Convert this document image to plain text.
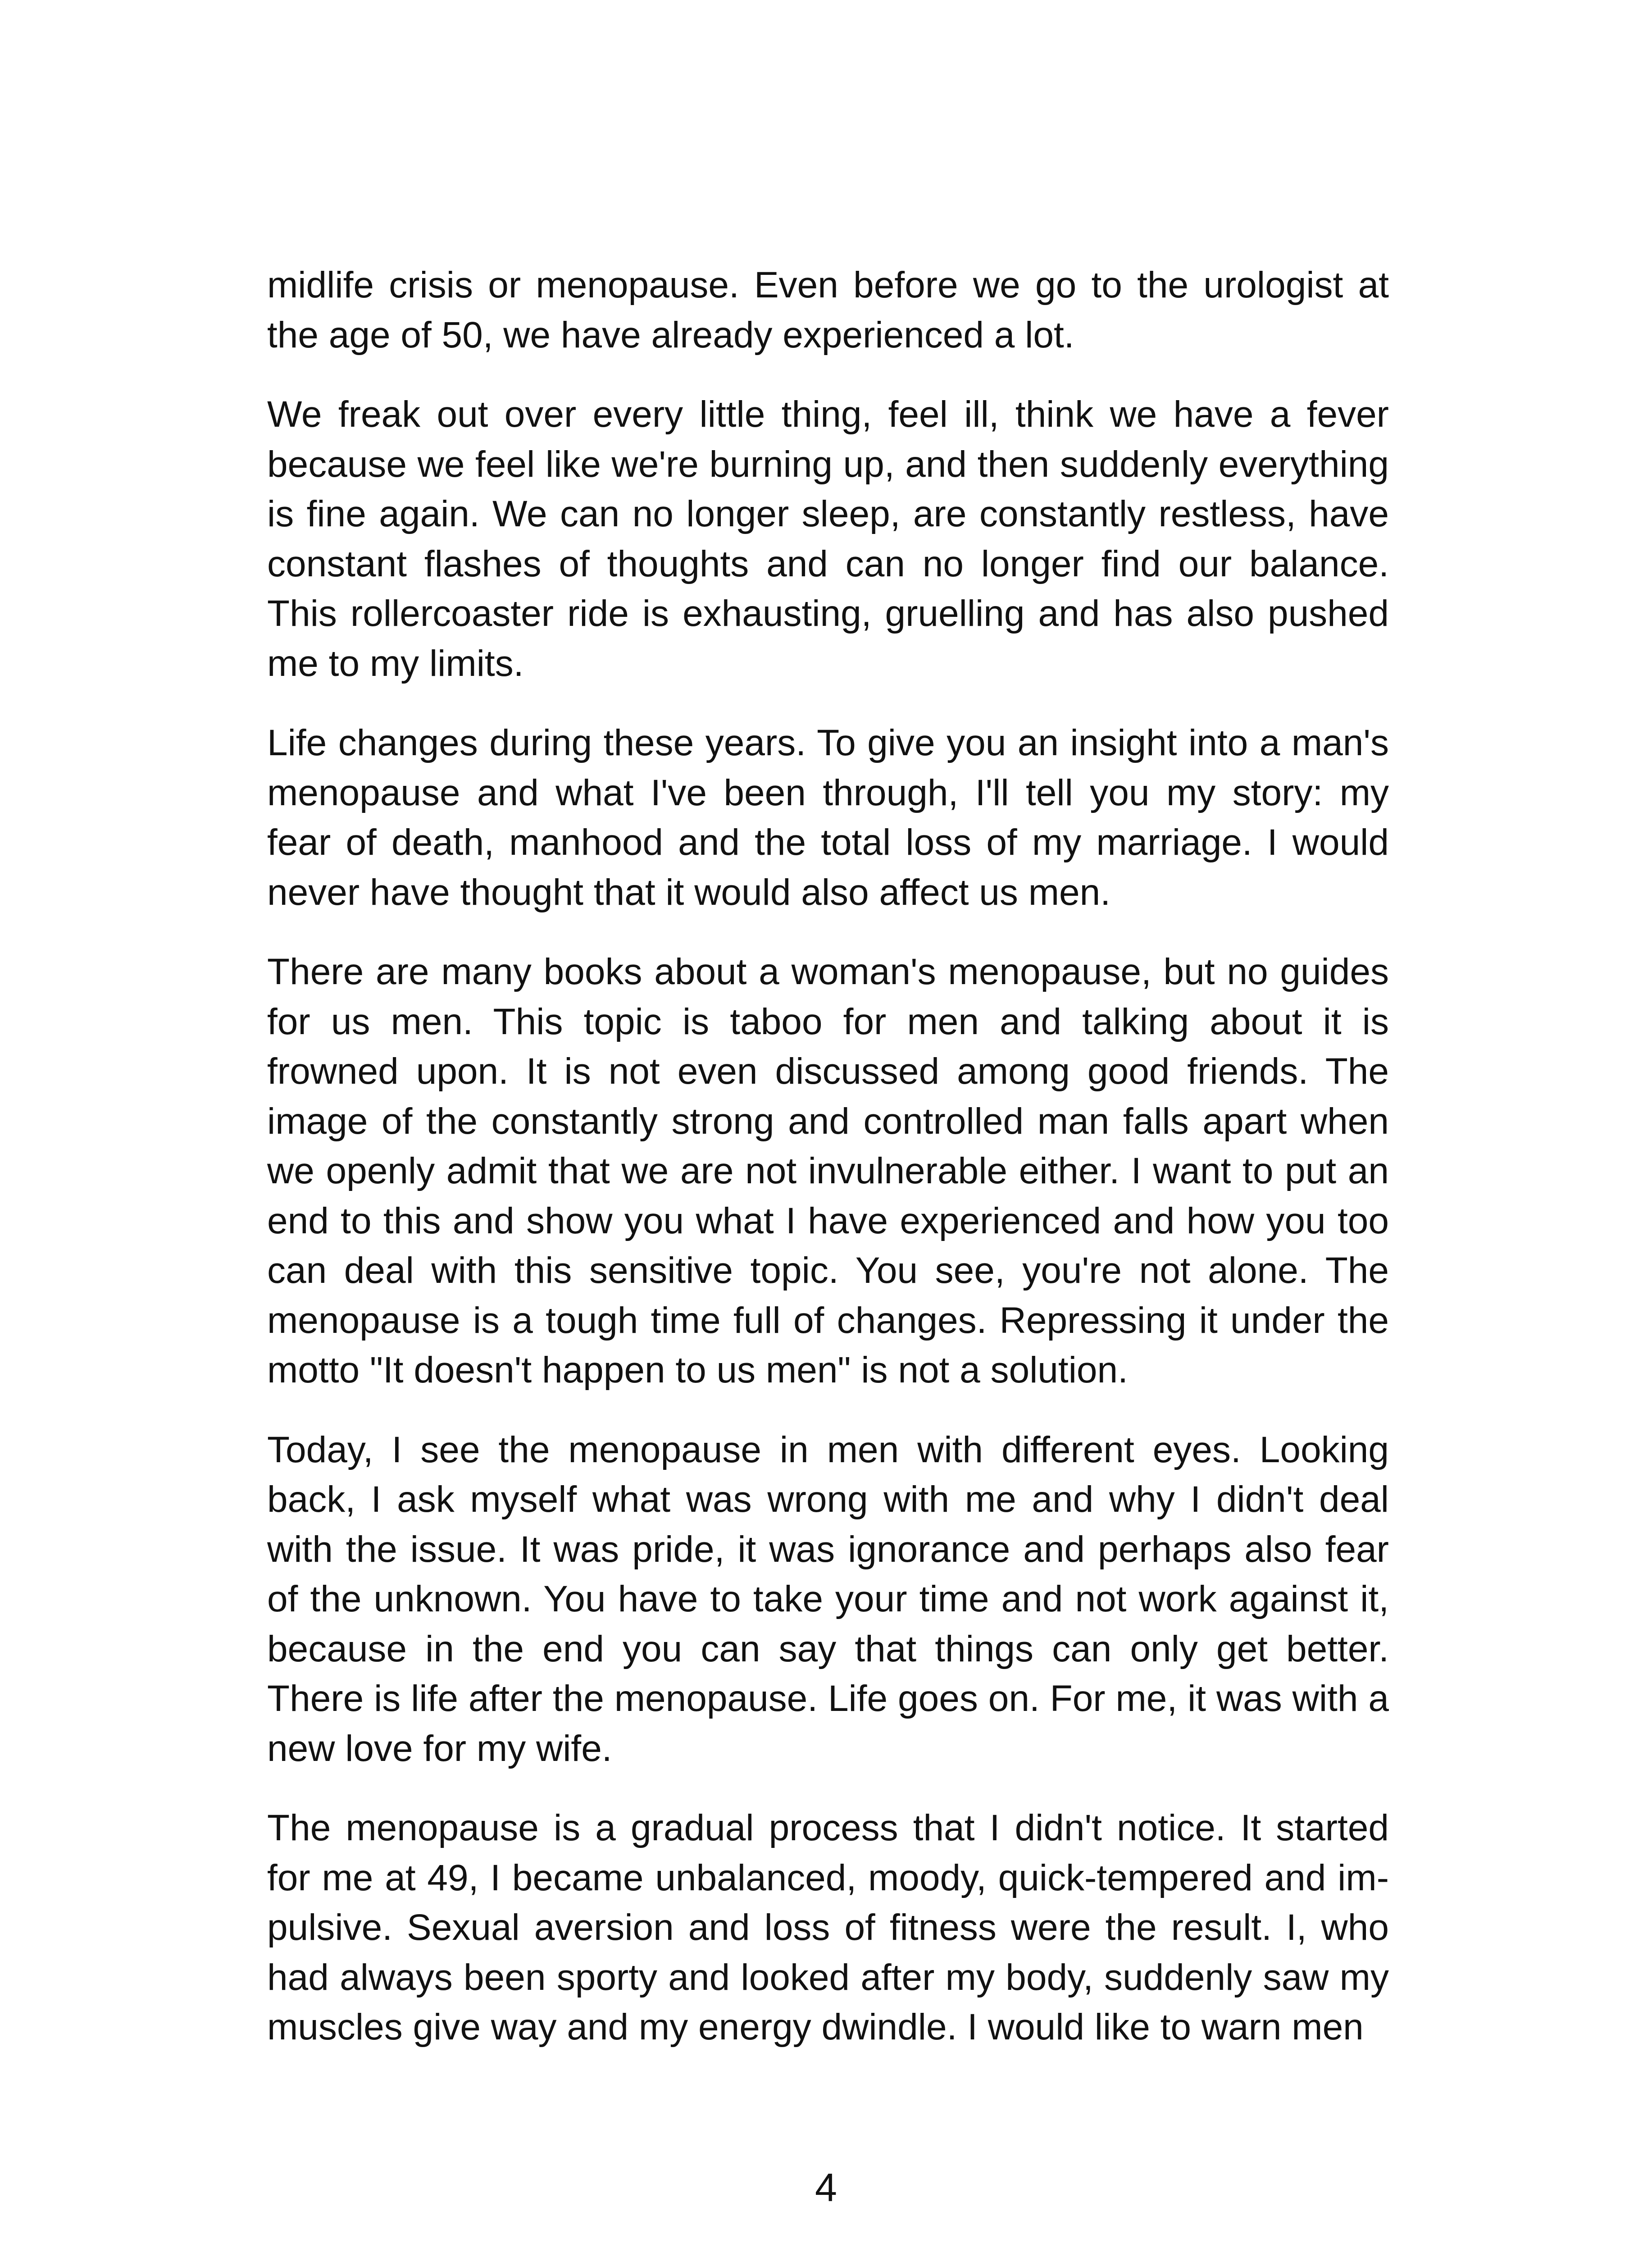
midlife crisis or menopause. Even before we go to the urologist at the age of 50, we have already experienced a lot.

We freak out over every little thing, feel ill, think we have a fever because we feel like we're burning up, and then suddenly everything is fine again. We can no longer sleep, are constantly restless, have constant flashes of thoughts and can no longer find our balance. This rollercoaster ride is exhausting, gruelling and has also pushed me to my limits.

Life changes during these years. To give you an insight into a man's menopause and what I've been through, I'll tell you my story: my fear of death, manhood and the total loss of my marriage. I would never have thought that it would also affect us men.

There are many books about a woman's menopause, but no guides for us men. This topic is taboo for men and talking about it is frowned upon. It is not even discussed among good friends. The image of the constantly strong and controlled man falls apart when we openly admit that we are not invulnerable either. I want to put an end to this and show you what I have experienced and how you too can deal with this sensitive topic. You see, you're not alone. The menopause is a tough time full of changes. Repressing it under the motto "It doesn't happen to us men" is not a solution.

Today, I see the menopause in men with different eyes. Looking back, I ask myself what was wrong with me and why I didn't deal with the issue. It was pride, it was ignorance and perhaps also fear of the unknown. You have to take your time and not work against it, because in the end you can say that things can only get better. There is life after the menopause. Life goes on. For me, it was with a new love for my wife.

The menopause is a gradual process that I didn't notice. It started for me at 49, I became unbalanced, moody, quick-tempered and impulsive. Sexual aversion and loss of fitness were the result. I, who had always been sporty and looked after my body, suddenly saw my muscles give way and my energy dwindle. I would like to warn men

4
